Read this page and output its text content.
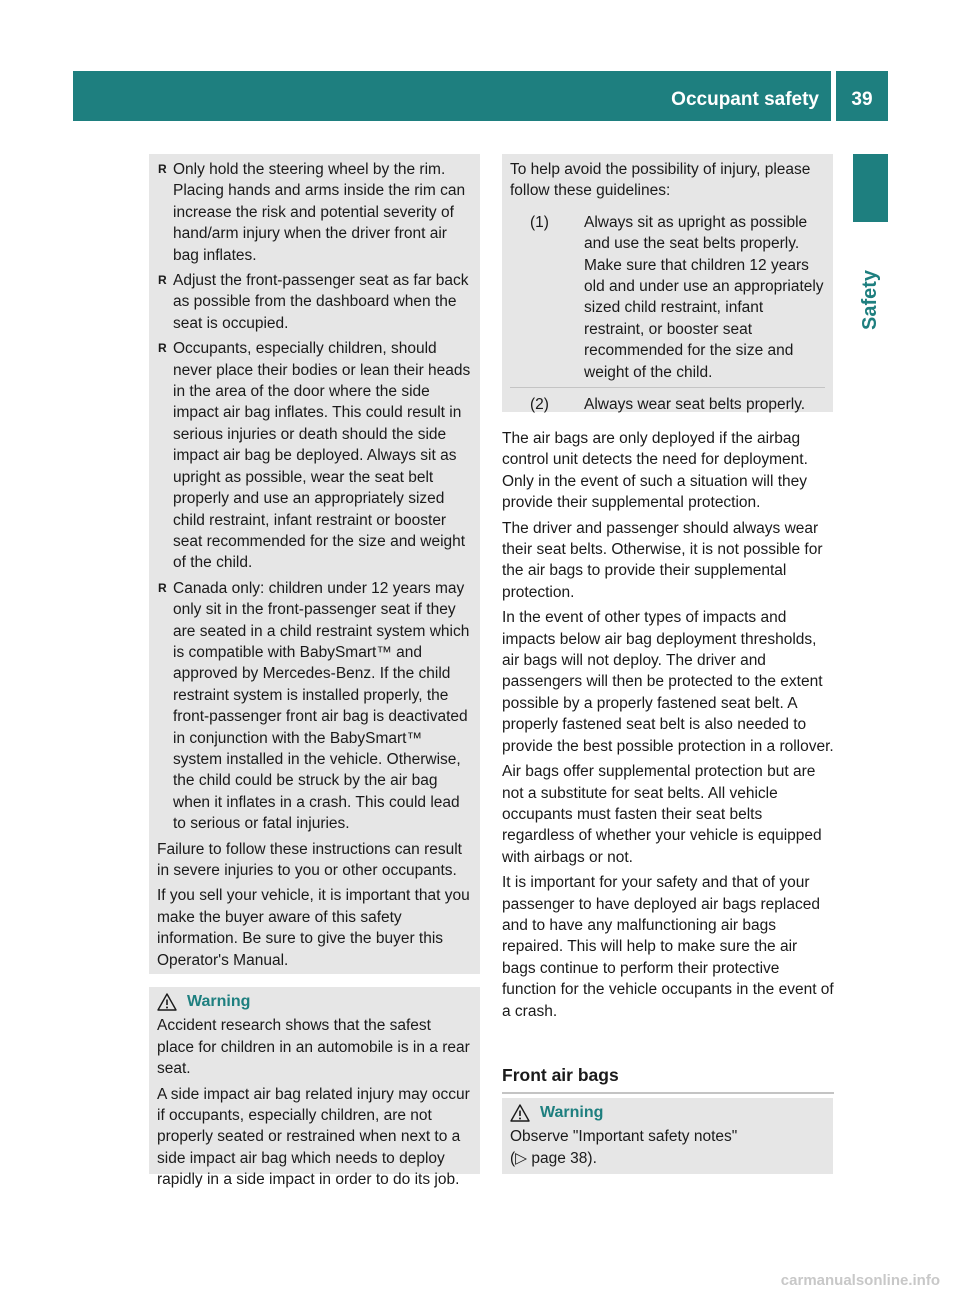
Occupant safety	39
Safety
R Only hold the steering wheel by the rim. Placing hands and arms inside the rim can increase the risk and potential severity of hand/arm injury when the driver front air bag inflates.
R Adjust the front-passenger seat as far back as possible from the dashboard when the seat is occupied.
R Occupants, especially children, should never place their bodies or lean their heads in the area of the door where the side impact air bag inflates. This could result in serious injuries or death should the side impact air bag be deployed. Always sit as upright as possible, wear the seat belt properly and use an appropriately sized child restraint, infant restraint or booster seat recommended for the size and weight of the child.
R Canada only: children under 12 years may only sit in the front-passenger seat if they are seated in a child restraint system which is compatible with BabySmart™ and approved by Mercedes-Benz. If the child restraint system is installed properly, the front-passenger front air bag is deactivated in conjunction with the BabySmart™ system installed in the vehicle. Otherwise, the child could be struck by the air bag when it inflates in a crash. This could lead to serious or fatal injuries.

Failure to follow these instructions can result in severe injuries to you or other occupants.

If you sell your vehicle, it is important that you make the buyer aware of this safety information. Be sure to give the buyer this Operator's Manual.

Warning

Accident research shows that the safest place for children in an automobile is in a rear seat.

A side impact air bag related injury may occur if occupants, especially children, are not properly seated or restrained when next to a side impact air bag which needs to deploy rapidly in a side impact in order to do its job.

To help avoid the possibility of injury, please follow these guidelines:

(1)	Always sit as upright as possible and use the seat belts properly. Make sure that children 12 years old and under use an appropriately sized child restraint, infant restraint, or booster seat recommended for the size and weight of the child.
(2)	Always wear seat belts properly.

The air bags are only deployed if the airbag control unit detects the need for deployment. Only in the event of such a situation will they provide their supplemental protection.

The driver and passenger should always wear their seat belts. Otherwise, it is not possible for the air bags to provide their supplemental protection.

In the event of other types of impacts and impacts below air bag deployment thresholds, air bags will not deploy. The driver and passengers will then be protected to the extent possible by a properly fastened seat belt. A properly fastened seat belt is also needed to provide the best possible protection in a rollover.

Air bags offer supplemental protection but are not a substitute for seat belts. All vehicle occupants must fasten their seat belts regardless of whether your vehicle is equipped with airbags or not.

It is important for your safety and that of your passenger to have deployed air bags replaced and to have any malfunctioning air bags repaired. This will help to make sure the air bags continue to perform their protective function for the vehicle occupants in the event of a crash.

Front air bags
Warning
Observe "Important safety notes"
(▷ page 38).
carmanualsonline.info
